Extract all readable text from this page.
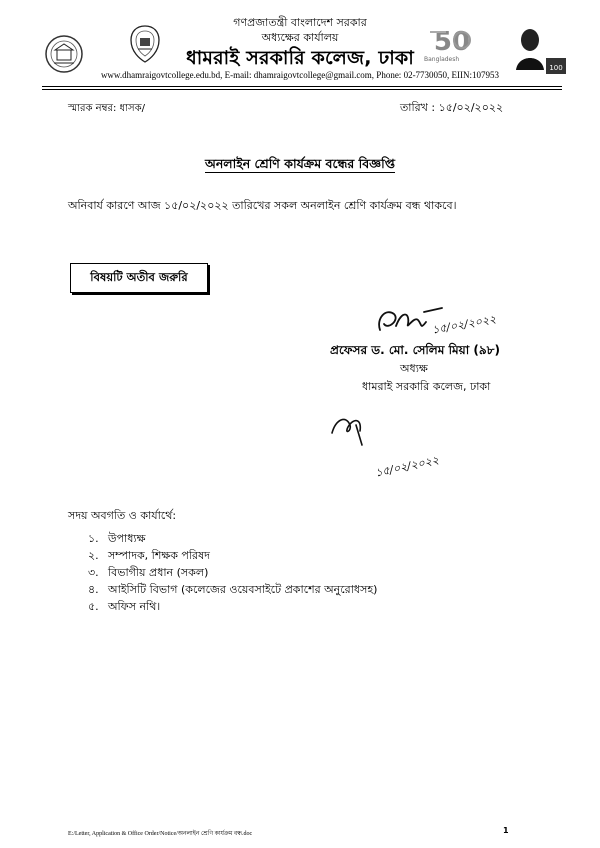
50
Bangladesh
100
গণপ্রজাতন্ত্রী বাংলাদেশ সরকার
অধ্যক্ষের কার্যালয়
ধামরাই সরকারি কলেজ, ঢাকা
www.dhamraigovtcollege.edu.bd, E-mail: dhamraigovtcollege@gmail.com, Phone: 02-7730050, EIIN:107953
স্মারক নম্বর: ধাসক/	তারিখ : ১৫/০২/২০২২
অনলাইন শ্রেণি কার্যক্রম বন্ধের বিজ্ঞপ্তি
অনিবার্য কারণে আজ ১৫/০২/২০২২ তারিখের সকল অনলাইন শ্রেণি কার্যক্রম বন্ধ থাকবে।
বিষয়টি অতীব জরুরি
১৫/০২/২০২২
প্রফেসর ড. মো. সেলিম মিয়া (৯৮)
অধ্যক্ষ
ধামরাই সরকারি কলেজ, ঢাকা
১৫/০২/২০২২
সদয় অবগতি ও কার্যার্থে:
১. উপাধ্যক্ষ
২. সম্পাদক, শিক্ষক পরিষদ
৩. বিভাগীয় প্রধান (সকল)
৪. আইসিটি বিভাগ (কলেজের ওয়েবসাইটে প্রকাশের অনুরোধসহ)
৫. অফিস নথি।
E:/Letter, Application & Office Order/Notice/অনলাইন শ্রেণি কার্যক্রম বন্ধ.doc	1
